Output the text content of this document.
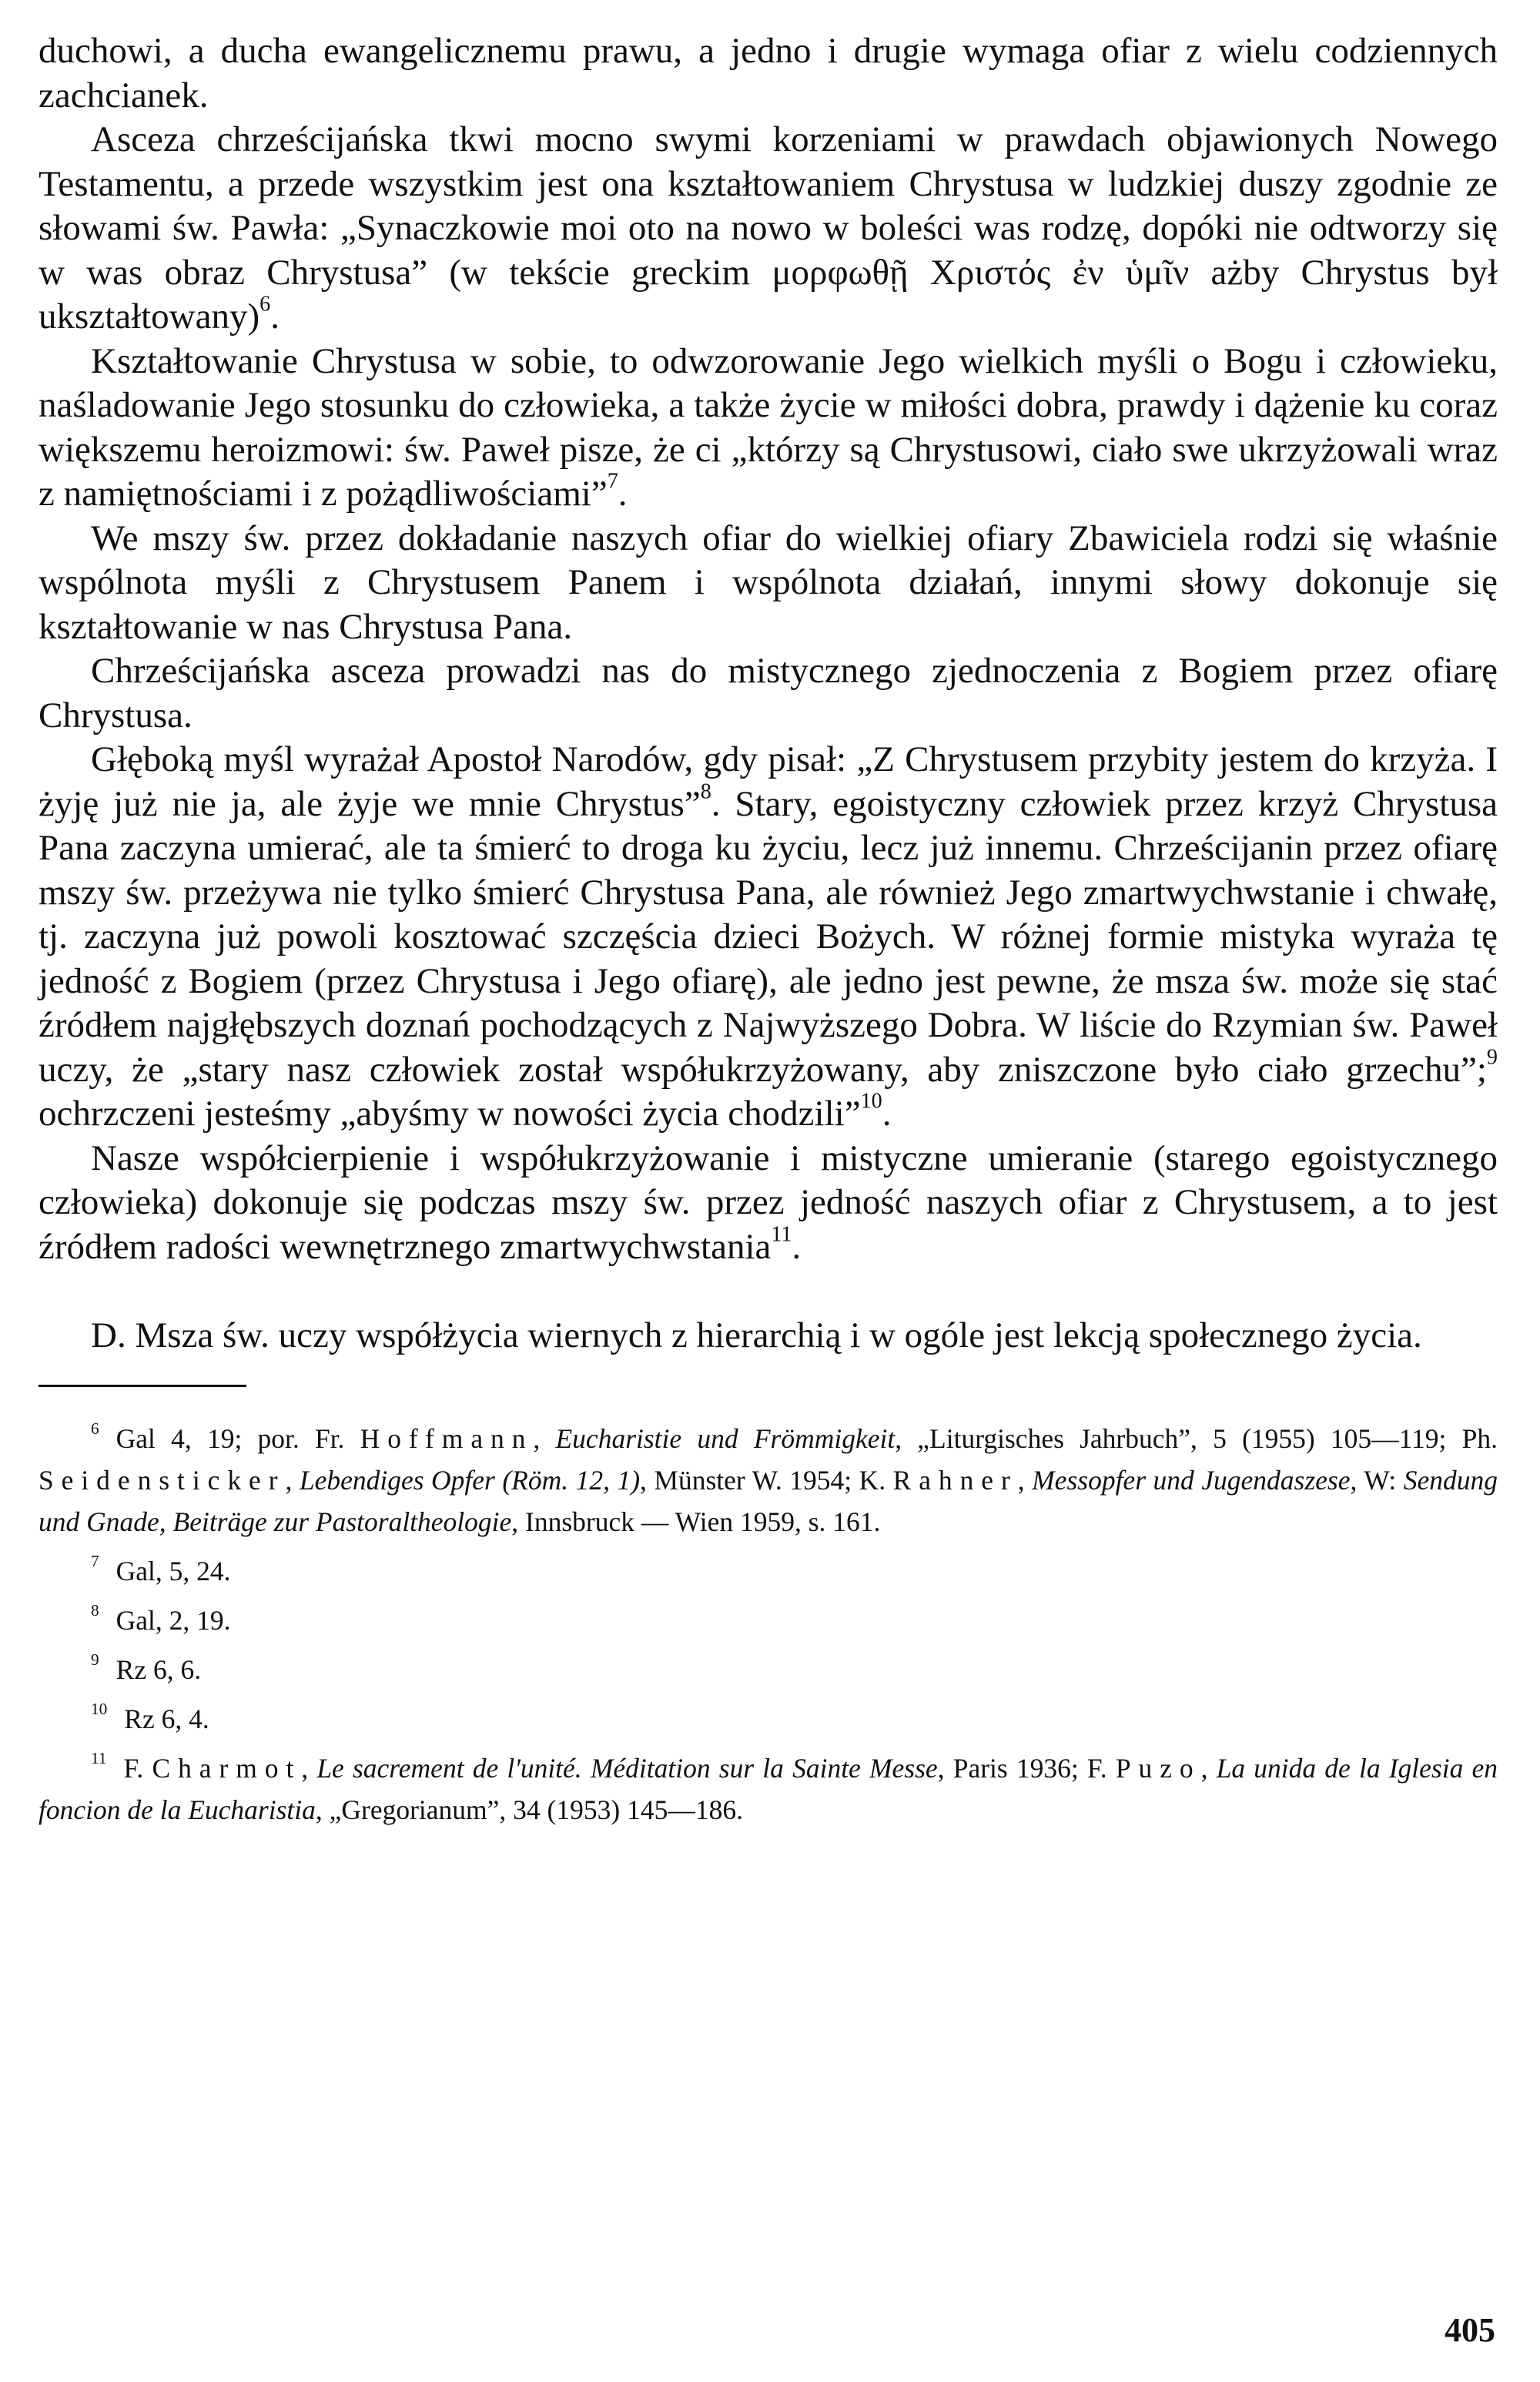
duchowi, a ducha ewangelicznemu prawu, a jedno i drugie wymaga ofiar z wielu codziennych zachcianek.

Asceza chrześcijańska tkwi mocno swymi korzeniami w prawdach objawionych Nowego Testamentu, a przede wszystkim jest ona kształtowaniem Chrystusa w ludzkiej duszy zgodnie ze słowami św. Pawła: „Synaczkowie moi oto na nowo w boleści was rodzę, dopóki nie odtworzy się w was obraz Chrystusa” (w tekście greckim μορφωθῇ Χριστός ἐν ὑμῖν ażby Chrystus był ukształtowany)$^6$.

Kształtowanie Chrystusa w sobie, to odwzorowanie Jego wielkich myśli o Bogu i człowieku, naśladowanie Jego stosunku do człowieka, a także życie w miłości dobra, prawdy i dążenie ku coraz większemu heroizmowi: św. Paweł pisze, że ci „którzy są Chrystusowi, ciało swe ukrzyżowali wraz z namiętnościami i z pożądliwościami”$^7$.

We mszy św. przez dokładanie naszych ofiar do wielkiej ofiary Zbawiciela rodzi się właśnie wspólnota myśli z Chrystusem Panem i wspólnota działań, innymi słowy dokonuje się kształtowanie w nas Chrystusa Pana.

Chrześcijańska asceza prowadzi nas do mistycznego zjednoczenia z Bogiem przez ofiarę Chrystusa.

Głęboką myśl wyrażał Apostoł Narodów, gdy pisał: „Z Chrystusem przybity jestem do krzyża. I żyję już nie ja, ale żyje we mnie Chrystus”$^8$. Stary, egoistyczny człowiek przez krzyż Chrystusa Pana zaczyna umierać, ale ta śmierć to droga ku życiu, lecz już innemu. Chrześcijanin przez ofiarę mszy św. przeżywa nie tylko śmierć Chrystusa Pana, ale również Jego zmartwychwstanie i chwałę, tj. zaczyna już powoli kosztować szczęścia dzieci Bożych. W różnej formie mistyka wyraża tę jedność z Bogiem (przez Chrystusa i Jego ofiarę), ale jedno jest pewne, że msza św. może się stać źródłem najgłębszych doznań pochodzących z Najwyższego Dobra. W liście do Rzymian św. Paweł uczy, że „stary nasz człowiek został współukrzyżowany, aby zniszczone było ciało grzechu”;$^9$ ochrzczeni jesteśmy „abyśmy w nowości życia chodzili”$^{10}$.

Nasze współcierpienie i współukrzyżowanie i mistyczne umieranie (starego egoistycznego człowieka) dokonuje się podczas mszy św. przez jedność naszych ofiar z Chrystusem, a to jest źródłem radości wewnętrznego zmartwychwstania$^{11}$.

D. Msza św. uczy współżycia wiernych z hierarchią i w ogóle jest lekcją społecznego życia.

$^6$ Gal 4, 19; por. Fr. Hoffmann, Eucharistie und Frömmigkeit, „Liturgisches Jahrbuch”, 5 (1955) 105—119; Ph. Seidensticker, Lebendiges Opfer (Röm. 12, 1), Münster W. 1954; K. Rahner, Messopfer und Jugendaszese, W: Sendung und Gnade, Beiträge zur Pastoraltheologie, Innsbruck — Wien 1959, s. 161.

$^7$ Gal, 5, 24.

$^8$ Gal, 2, 19.

$^9$ Rz 6, 6.

$^{10}$ Rz 6, 4.

$^{11}$ F. Charmot, Le sacrement de l'unité. Méditation sur la Sainte Messe, Paris 1936; F. Puzo, La unida de la Iglesia en foncion de la Eucharistia, „Gregorianum”, 34 (1953) 145—186.

405
